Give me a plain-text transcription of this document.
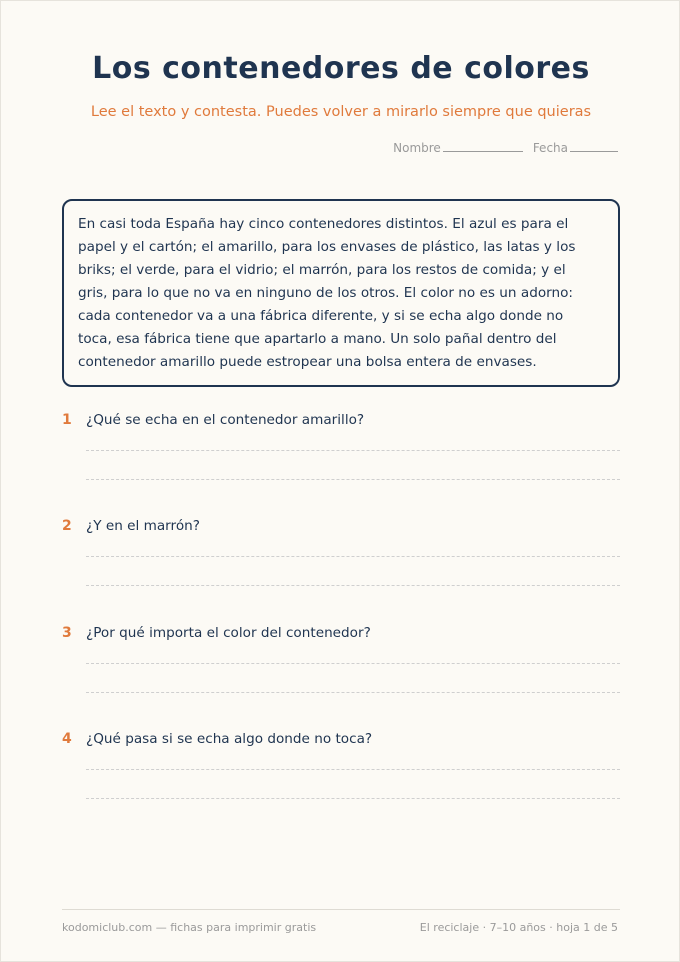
Los contenedores de colores
Lee el texto y contesta. Puedes volver a mirarlo siempre que quieras
Nombre	Fecha
En casi toda España hay cinco contenedores distintos. El azul es para el
papel y el cartón; el amarillo, para los envases de plástico, las latas y los
briks; el verde, para el vidrio; el marrón, para los restos de comida; y el
gris, para lo que no va en ninguno de los otros. El color no es un adorno:
cada contenedor va a una fábrica diferente, y si se echa algo donde no
toca, esa fábrica tiene que apartarlo a mano. Un solo pañal dentro del
contenedor amarillo puede estropear una bolsa entera de envases.
1 ¿Qué se echa en el contenedor amarillo?
2 ¿Y en el marrón?
3 ¿Por qué importa el color del contenedor?
4 ¿Qué pasa si se echa algo donde no toca?
kodomiclub.com — fichas para imprimir gratis	El reciclaje · 7–10 años · hoja 1 de 5
